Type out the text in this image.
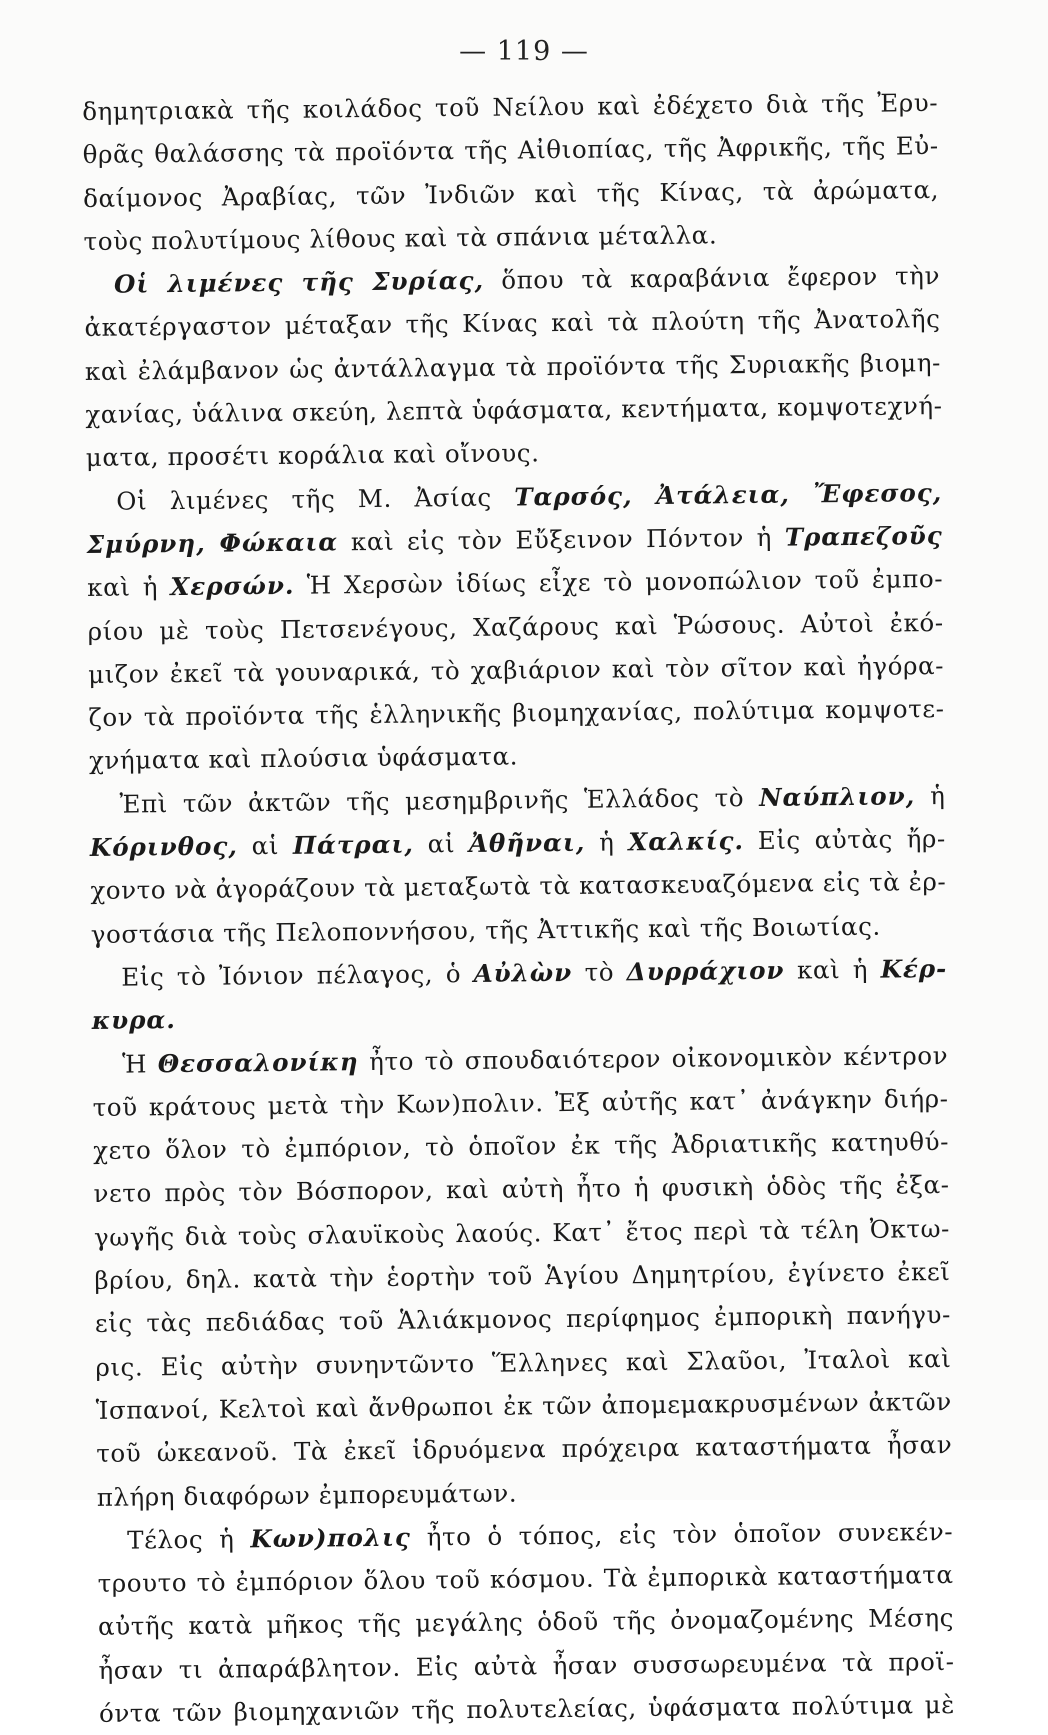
— 119 —
δημητριακὰ τῆς κοιλάδος τοῦ Νείλου καὶ ἐδέχετο διὰ τῆς Ἐρυ-
θρᾶς θαλάσσης τὰ προϊόντα τῆς Αἰθιοπίας, τῆς Ἀφρικῆς, τῆς Εὐ-
δαίμονος Ἀραβίας, τῶν Ἰνδιῶν καὶ τῆς Κίνας, τὰ ἀρώματα,
τοὺς πολυτίμους λίθους καὶ τὰ σπάνια μέταλλα.
Οἱ λιμένες τῆς Συρίας, ὅπου τὰ καραβάνια ἔφερον τὴν
ἀκατέργαστον μέταξαν τῆς Κίνας καὶ τὰ πλούτη τῆς Ἀνατολῆς
καὶ ἐλάμβανον ὡς ἀντάλλαγμα τὰ προϊόντα τῆς Συριακῆς βιομη-
χανίας, ὑάλινα σκεύη, λεπτὰ ὑφάσματα, κεντήματα, κομψοτεχνή-
ματα, προσέτι κοράλια καὶ οἴνους.
Οἱ λιμένες τῆς Μ. Ἀσίας Ταρσός, Ἀτάλεια, Ἔφεσος,
Σμύρνη, Φώκαια καὶ εἰς τὸν Εὔξεινον Πόντον ἡ Τραπεζοῦς
καὶ ἡ Χερσών. Ἡ Χερσὼν ἰδίως εἶχε τὸ μονοπώλιον τοῦ ἐμπο-
ρίου μὲ τοὺς Πετσενέγους, Χαζάρους καὶ Ῥώσους. Αὐτοὶ ἐκό-
μιζον ἐκεῖ τὰ γουναρικά, τὸ χαβιάριον καὶ τὸν σῖτον καὶ ἠγόρα-
ζον τὰ προϊόντα τῆς ἑλληνικῆς βιομηχανίας, πολύτιμα κομψοτε-
χνήματα καὶ πλούσια ὑφάσματα.
Ἐπὶ τῶν ἀκτῶν τῆς μεσημβρινῆς Ἑλλάδος τὸ Ναύπλιον, ἡ
Κόρινθος, αἱ Πάτραι, αἱ Ἀθῆναι, ἡ Χαλκίς. Εἰς αὐτὰς ἤρ-
χοντο νὰ ἀγοράζουν τὰ μεταξωτὰ τὰ κατασκευαζόμενα εἰς τὰ ἐρ-
γοστάσια τῆς Πελοποννήσου, τῆς Ἀττικῆς καὶ τῆς Βοιωτίας.
Εἰς τὸ Ἰόνιον πέλαγος, ὁ Αὐλὼν τὸ Δυρράχιον καὶ ἡ Κέρ-
κυρα.
Ἡ Θεσσαλονίκη ἦτο τὸ σπουδαιότερον οἰκονομικὸν κέντρον
τοῦ κράτους μετὰ τὴν Κων)πολιν. Ἐξ αὐτῆς κατ᾽ ἀνάγκην διήρ-
χετο ὅλον τὸ ἐμπόριον, τὸ ὁποῖον ἐκ τῆς Ἀδριατικῆς κατηυθύ-
νετο πρὸς τὸν Βόσπορον, καὶ αὐτὴ ἦτο ἡ φυσικὴ ὁδὸς τῆς ἐξα-
γωγῆς διὰ τοὺς σλαυϊκοὺς λαούς. Κατ᾽ ἔτος περὶ τὰ τέλη Ὀκτω-
βρίου, δηλ. κατὰ τὴν ἑορτὴν τοῦ Ἁγίου Δημητρίου, ἐγίνετο ἐκεῖ
εἰς τὰς πεδιάδας τοῦ Ἁλιάκμονος περίφημος ἐμπορικὴ πανήγυ-
ρις. Εἰς αὐτὴν συνηντῶντο Ἕλληνες καὶ Σλαῦοι, Ἰταλοὶ καὶ
Ἱσπανοί, Κελτοὶ καὶ ἄνθρωποι ἐκ τῶν ἀπομεμακρυσμένων ἀκτῶν
τοῦ ὠκεανοῦ. Τὰ ἐκεῖ ἱδρυόμενα πρόχειρα καταστήματα ἦσαν
πλήρη διαφόρων ἐμπορευμάτων.
Τέλος ἡ Κων)πολις ἦτο ὁ τόπος, εἰς τὸν ὁποῖον συνεκέν-
τρουτο τὸ ἐμπόριον ὅλου τοῦ κόσμου. Τὰ ἐμπορικὰ καταστήματα
αὐτῆς κατὰ μῆκος τῆς μεγάλης ὁδοῦ τῆς ὀνομαζομένης Μέσης
ἦσαν τι ἀπαράβλητον. Εἰς αὐτὰ ἦσαν συσσωρευμένα τὰ προϊ-
όντα τῶν βιομηχανιῶν τῆς πολυτελείας, ὑφάσματα πολύτιμα μὲ
